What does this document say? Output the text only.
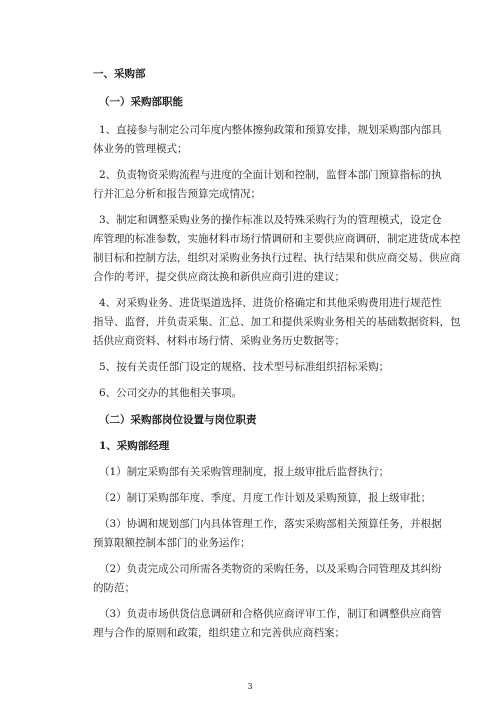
一、采购部
（一）采购部职能
1、直接参与制定公司年度内整体擦狗政策和预算安排，规划采购部内部具
体业务的管理模式；
2、负责物资采购流程与进度的全面计划和控制，监督本部门预算指标的执
行并汇总分析和报告预算完成情况；
3、制定和调整采购业务的操作标准以及特殊采购行为的管理模式，设定仓
库管理的标准参数，实施材料市场行情调研和主要供应商调研，制定进货成本控
制目标和控制方法，组织对采购业务执行过程、执行结果和供应商交易、供应商
合作的考评，提交供应商汰换和新供应商引进的建议；
4、对采购业务、进货渠道选择、进货价格确定和其他采购费用进行规范性
指导、监督，并负责采集、汇总、加工和提供采购业务相关的基础数据资料，包
括供应商资料、材料市场行情、采购业务历史数据等；
5、按有关责任部门设定的规格、技术型号标准组织招标采购；
6、公司交办的其他相关事项。
（二）采购部岗位设置与岗位职责
1、采购部经理
（1）制定采购部有关采购管理制度，报上级审批后监督执行；
（2）制订采购部年度、季度、月度工作计划及采购预算，报上级审批；
（3）协调和规划部门内具体管理工作，落实采购部相关预算任务，并根据
预算限额控制本部门的业务运作；
（2）负责完成公司所需各类物资的采购任务，以及采购合同管理及其纠纷
的防范；
（3）负责市场供货信息调研和合格供应商评审工作，制订和调整供应商管
理与合作的原则和政策，组织建立和完善供应商档案；
3
